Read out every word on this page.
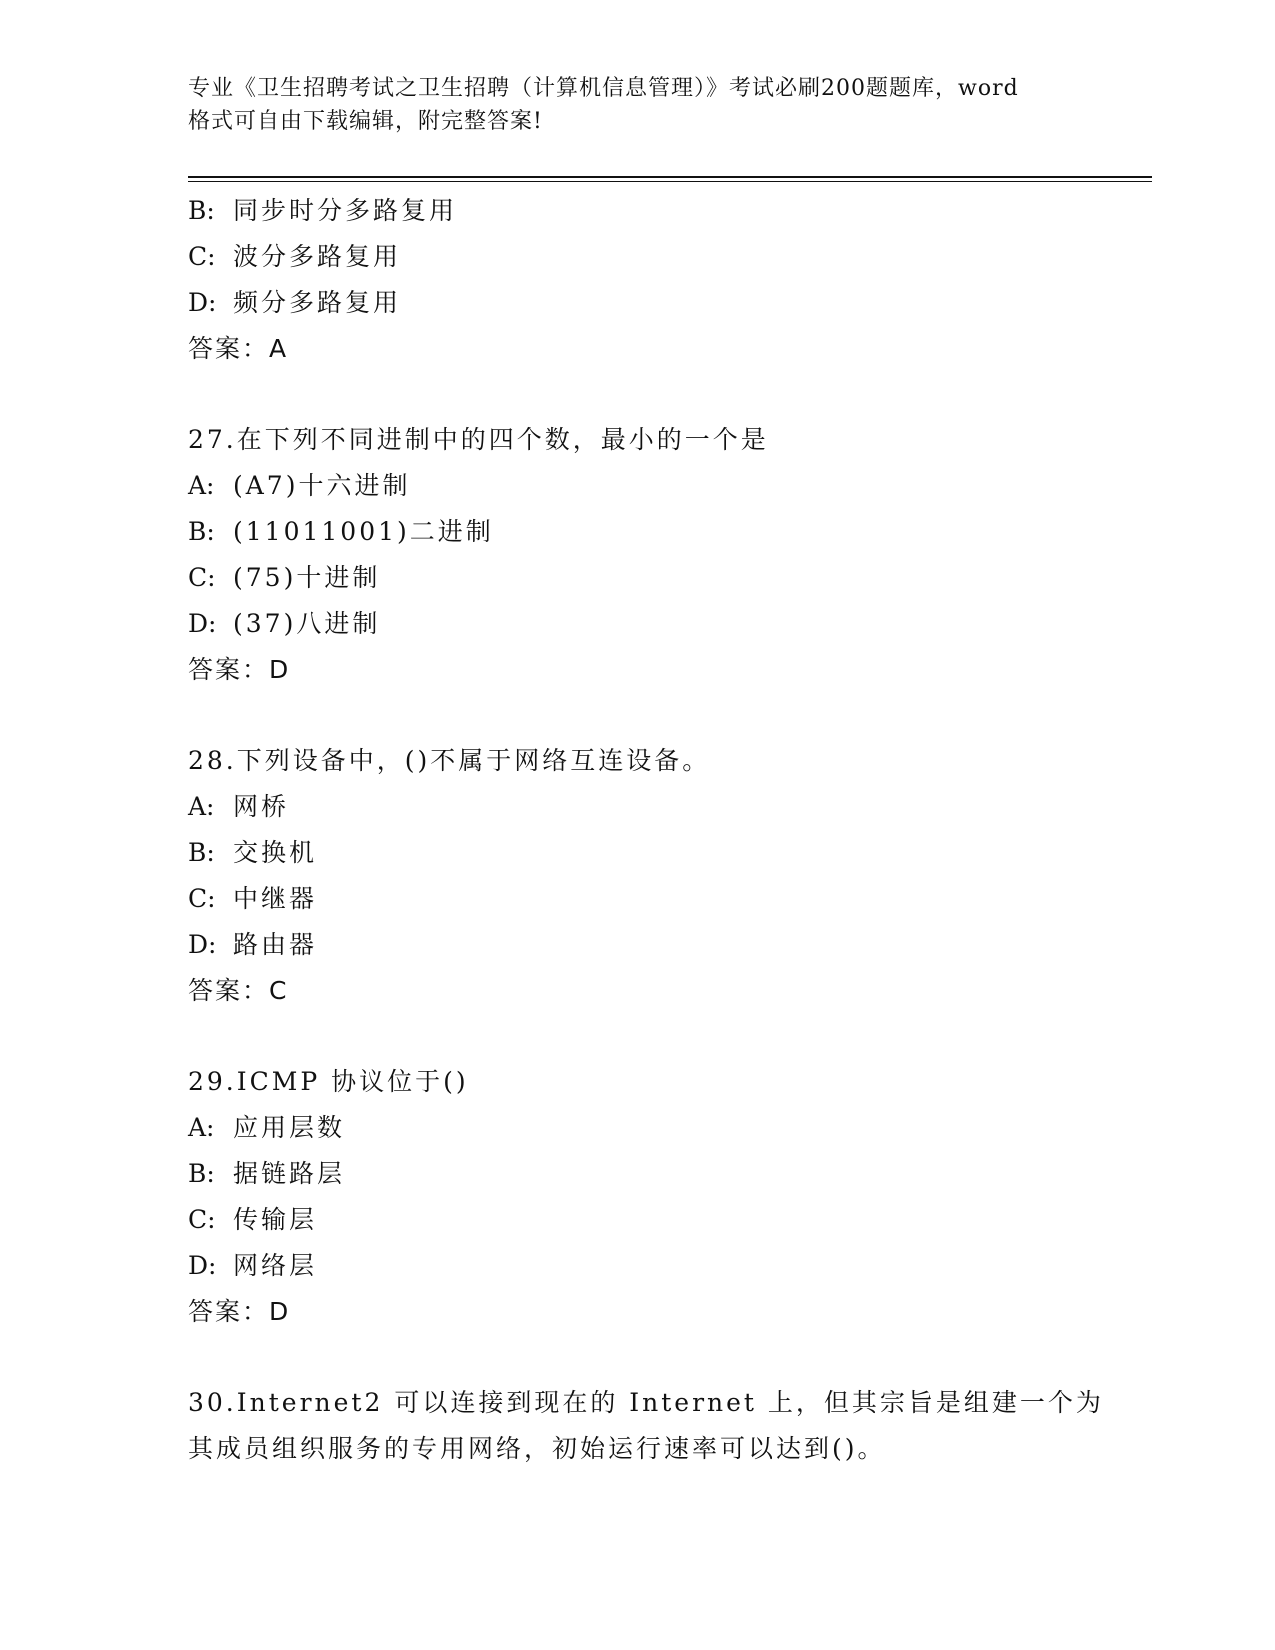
专业《卫生招聘考试之卫生招聘（计算机信息管理）》考试必刷200题题库，word
格式可自由下载编辑，附完整答案!
B: 同步时分多路复用
C: 波分多路复用
D: 频分多路复用
答案：A
27.在下列不同进制中的四个数，最小的一个是
A: (A7)十六进制
B: (11011001)二进制
C: (75)十进制
D: (37)八进制
答案：D
28.下列设备中，()不属于网络互连设备。
A: 网桥
B: 交换机
C: 中继器
D: 路由器
答案：C
29.ICMP 协议位于()
A: 应用层数
B: 据链路层
C: 传输层
D: 网络层
答案：D
30.Internet2 可以连接到现在的 Internet 上，但其宗旨是组建一个为
其成员组织服务的专用网络，初始运行速率可以达到()。
